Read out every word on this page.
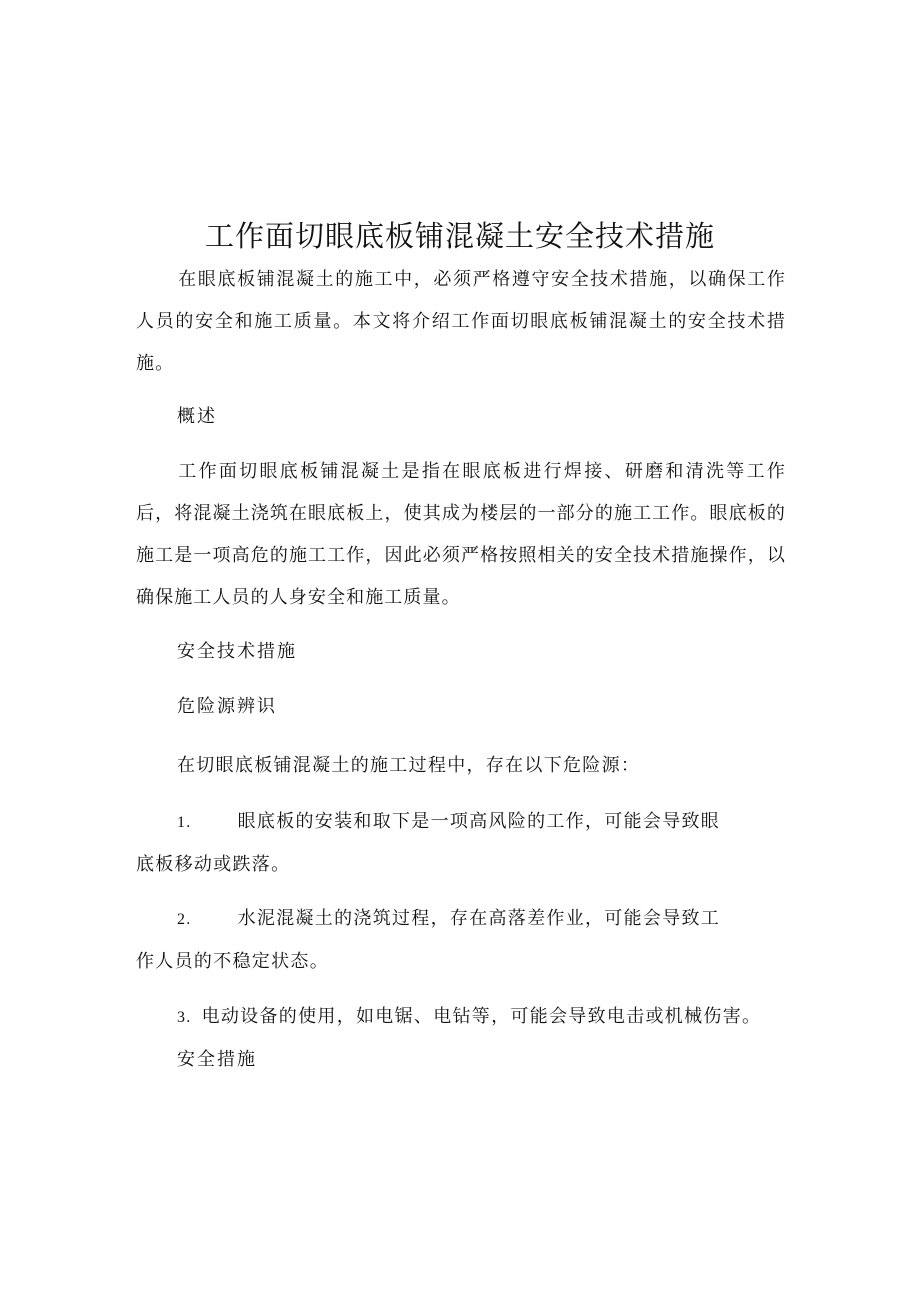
工作面切眼底板铺混凝土安全技术措施

在眼底板铺混凝土的施工中，必须严格遵守安全技术措施，以确保工作人员的安全和施工质量。本文将介绍工作面切眼底板铺混凝土的安全技术措施。

概述

工作面切眼底板铺混凝土是指在眼底板进行焊接、研磨和清洗等工作后，将混凝土浇筑在眼底板上，使其成为楼层的一部分的施工工作。眼底板的施工是一项高危的施工工作，因此必须严格按照相关的安全技术措施操作，以确保施工人员的人身安全和施工质量。

安全技术措施

危险源辨识

在切眼底板铺混凝土的施工过程中，存在以下危险源：

1.	眼底板的安装和取下是一项高风险的工作，可能会导致眼
底板移动或跌落。
2.	水泥混凝土的浇筑过程，存在高落差作业，可能会导致工
作人员的不稳定状态。
3. 电动设备的使用，如电锯、电钻等，可能会导致电击或机械伤害。

安全措施
